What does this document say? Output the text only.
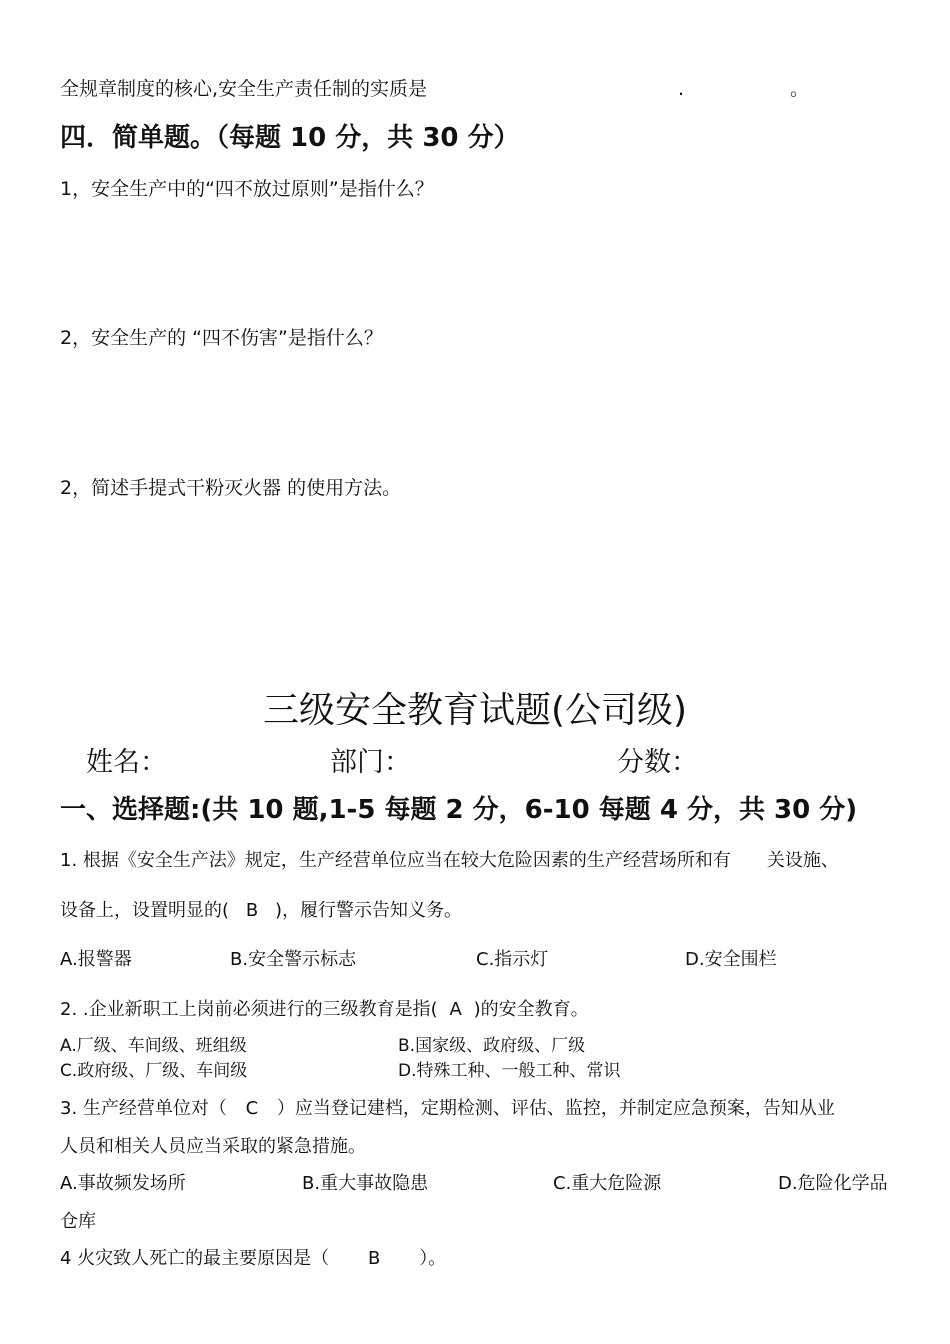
全规章制度的核心,安全生产责任制的实质是	.	。
四．简单题。（每题 10 分，共 30 分）
1，安全生产中的“四不放过原则”是指什么？
2，安全生产的 “四不伤害”是指什么？
2，简述手提式干粉灭火器 的使用方法。
三级安全教育试题(公司级)
姓名：	部门：	分数：
一、选择题:(共 10 题,1-5 每题 2 分，6-10 每题 4 分，共 30 分)
1. 根据《安全生产法》规定，生产经营单位应当在较大危险因素的生产经营场所和有　　关设施、
设备上，设置明显的( B )，履行警示告知义务。
A.报警器	B.安全警示标志	C.指示灯	D.安全围栏
2. .企业新职工上岗前必须进行的三级教育是指( A )的安全教育。
A.厂级、车间级、班组级	B.国家级、政府级、厂级
C.政府级、厂级、车间级	D.特殊工种、一般工种、常识
3. 生产经营单位对（ C ）应当登记建档，定期检测、评估、监控，并制定应急预案，告知从业
人员和相关人员应当采取的紧急措施。
A.事故频发场所	B.重大事故隐患	C.重大危险源	D.危险化学品
仓库
4 火灾致人死亡的最主要原因是（ B ）。
